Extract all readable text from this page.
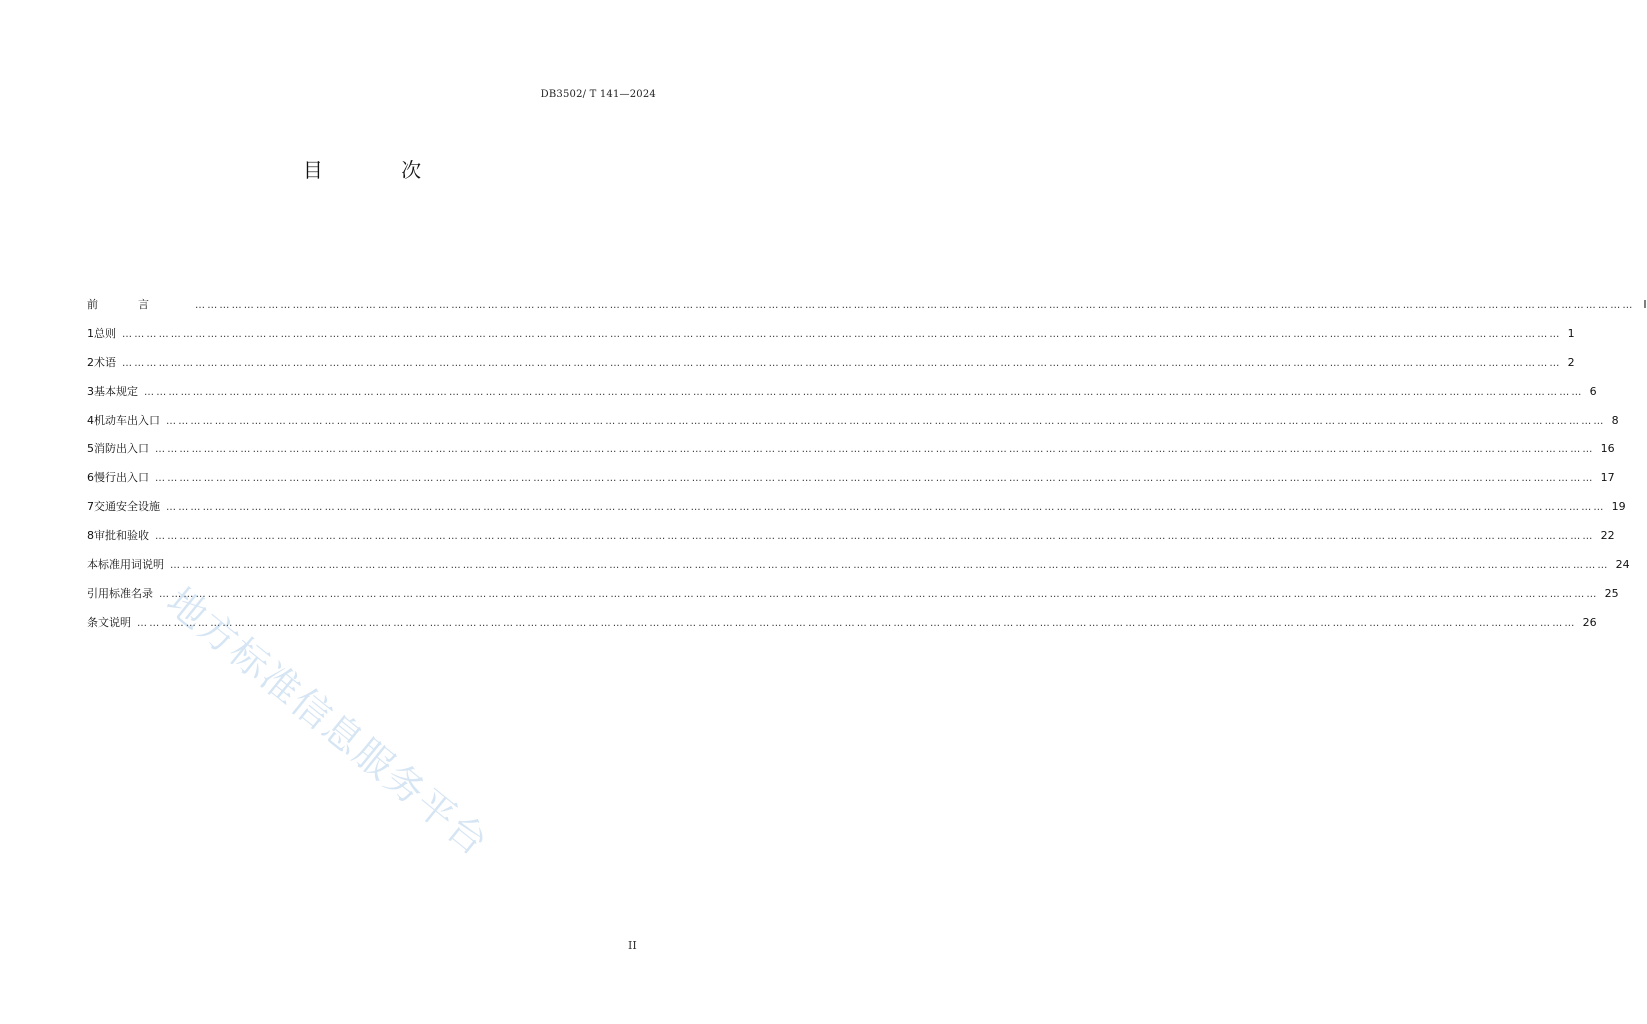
DB3502/ T 141—2024
目 次
前言 ………………………………………………………………………………………………………………………………………………………………………………………………………………………………………………………………………………………………………………………… I
1 总则 ………………………………………………………………………………………………………………………………………………………………………………………………………………………………………………………………………………………………………………………… 1
2 术语 ………………………………………………………………………………………………………………………………………………………………………………………………………………………………………………………………………………………………………………………… 2
3 基本规定 ………………………………………………………………………………………………………………………………………………………………………………………………………………………………………………………………………………………………………………………… 6
4 机动车出入口 ………………………………………………………………………………………………………………………………………………………………………………………………………………………………………………………………………………………………………………………… 8
5 消防出入口 ………………………………………………………………………………………………………………………………………………………………………………………………………………………………………………………………………………………………………………………… 16
6 慢行出入口 ………………………………………………………………………………………………………………………………………………………………………………………………………………………………………………………………………………………………………………………… 17
7 交通安全设施 ………………………………………………………………………………………………………………………………………………………………………………………………………………………………………………………………………………………………………………………… 19
8 审批和验收 ………………………………………………………………………………………………………………………………………………………………………………………………………………………………………………………………………………………………………………………… 22
本标准用词说明 ………………………………………………………………………………………………………………………………………………………………………………………………………………………………………………………………………………………………………………………… 24
引用标准名录 ………………………………………………………………………………………………………………………………………………………………………………………………………………………………………………………………………………………………………………………… 25
条文说明 ………………………………………………………………………………………………………………………………………………………………………………………………………………………………………………………………………………………………………………………… 26
地方标准信息服务平台
II
